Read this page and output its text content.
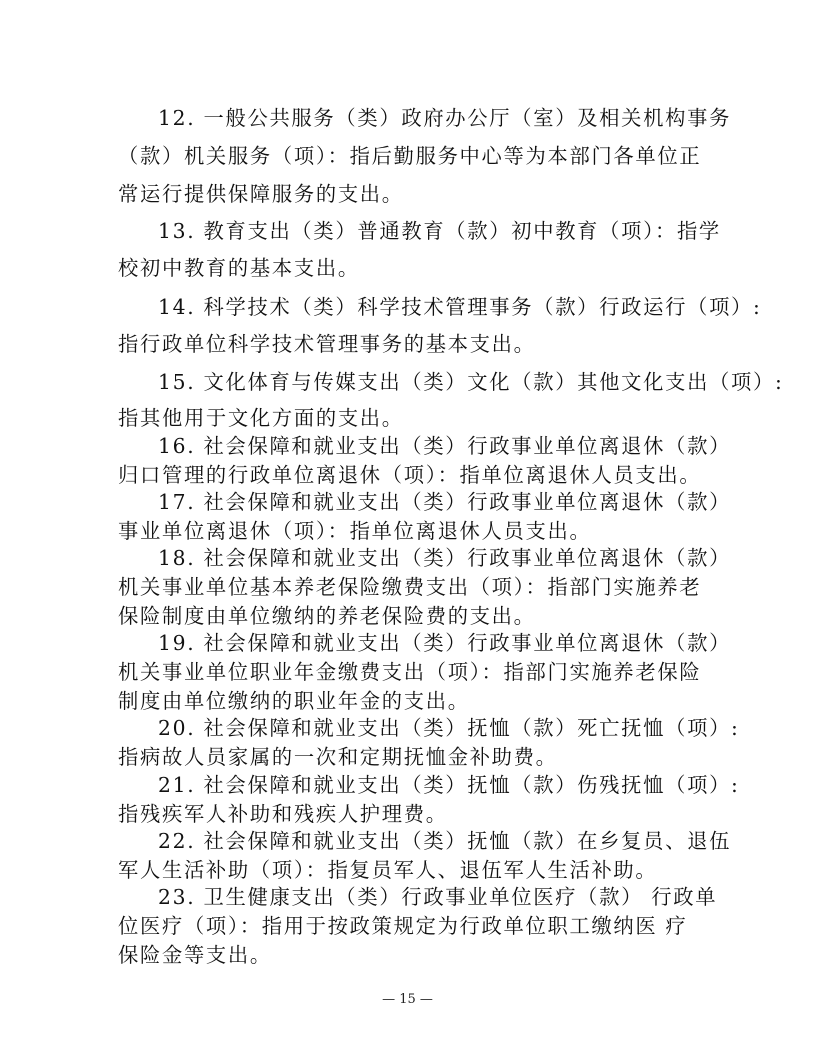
12. 一般公共服务（类）政府办公厅（室）及相关机构事务
（款）机关服务（项）：指后勤服务中心等为本部门各单位正
常运行提供保障服务的支出。
13. 教育支出（类）普通教育（款）初中教育（项）：指学
校初中教育的基本支出。
14. 科学技术（类）科学技术管理事务（款）行政运行（项）:
指行政单位科学技术管理事务的基本支出。
15. 文化体育与传媒支出（类）文化（款）其他文化支出（项）:
指其他用于文化方面的支出。
16. 社会保障和就业支出（类）行政事业单位离退休（款）
归口管理的行政单位离退休（项）：指单位离退休人员支出。
17. 社会保障和就业支出（类）行政事业单位离退休（款）
事业单位离退休（项）：指单位离退休人员支出。
18. 社会保障和就业支出（类）行政事业单位离退休（款）
机关事业单位基本养老保险缴费支出（项）：指部门实施养老
保险制度由单位缴纳的养老保险费的支出。
19. 社会保障和就业支出（类）行政事业单位离退休（款）
机关事业单位职业年金缴费支出（项）：指部门实施养老保险
制度由单位缴纳的职业年金的支出。
20. 社会保障和就业支出（类）抚恤（款）死亡抚恤（项）:
指病故人员家属的一次和定期抚恤金补助费。
21. 社会保障和就业支出（类）抚恤（款）伤残抚恤（项）:
指残疾军人补助和残疾人护理费。
22. 社会保障和就业支出（类）抚恤（款）在乡复员、退伍
军人生活补助（项）：指复员军人、退伍军人生活补助。
23. 卫生健康支出（类）行政事业单位医疗（款） 行政单
位医疗（项）：指用于按政策规定为行政单位职工缴纳医 疗
保险金等支出。
— 15 —
